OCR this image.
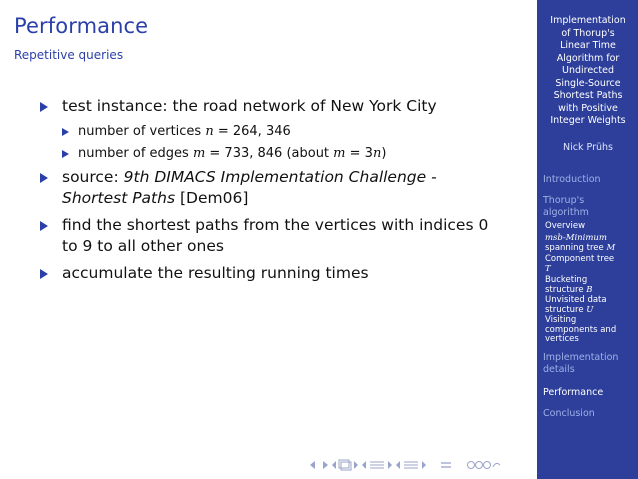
Performance
Repetitive queries
test instance: the road network of New York City
number of vertices n = 264, 346
number of edges m = 733, 846 (about m = 3n)
source: 9th DIMACS Implementation Challenge -
Shortest Paths [Dem06]
find the shortest paths from the vertices with indices 0
to 9 to all other ones
accumulate the resulting running times
Implementation
of Thorup's
Linear Time
Algorithm for
Undirected
Single-Source
Shortest Paths
with Positive
Integer Weights
Nick Prühs
Introduction
Thorup's
algorithm
Overview
msb-Minimum
spanning tree M
Component tree
T
Bucketing
structure B
Unvisited data
structure U
Visiting
components and
vertices
Implementation
details
Performance
Conclusion
